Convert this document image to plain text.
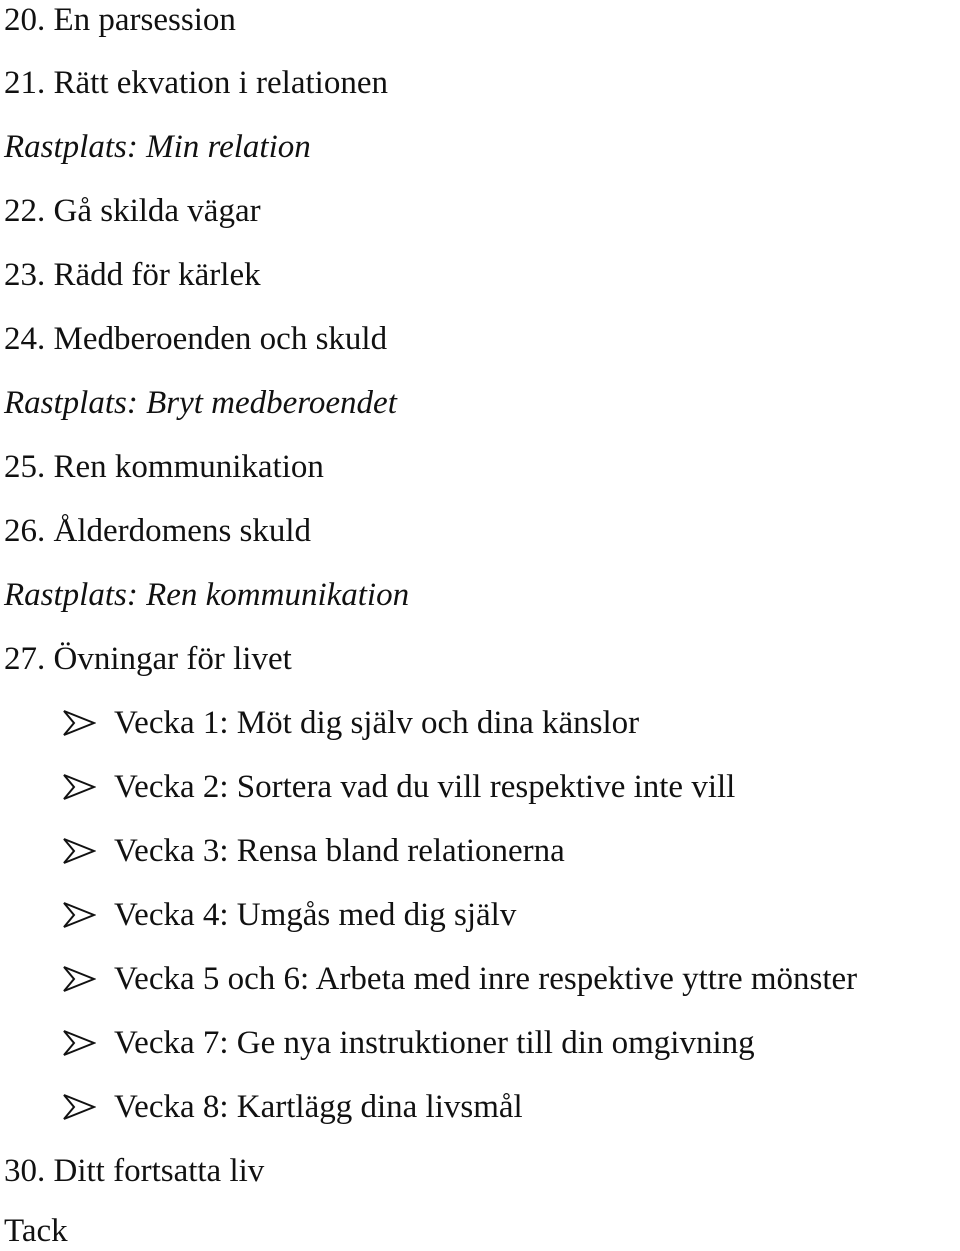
20. En parsession
21. Rätt ekvation i relationen
Rastplats: Min relation
22. Gå skilda vägar
23. Rädd för kärlek
24. Medberoenden och skuld
Rastplats: Bryt medberoendet
25. Ren kommunikation
26. Ålderdomens skuld
Rastplats: Ren kommunikation
27. Övningar för livet
Vecka 1: Möt dig själv och dina känslor
Vecka 2: Sortera vad du vill respektive inte vill
Vecka 3: Rensa bland relationerna
Vecka 4: Umgås med dig själv
Vecka 5 och 6: Arbeta med inre respektive yttre mönster
Vecka 7: Ge nya instruktioner till din omgivning
Vecka 8: Kartlägg dina livsmål
30. Ditt fortsatta liv
Tack
